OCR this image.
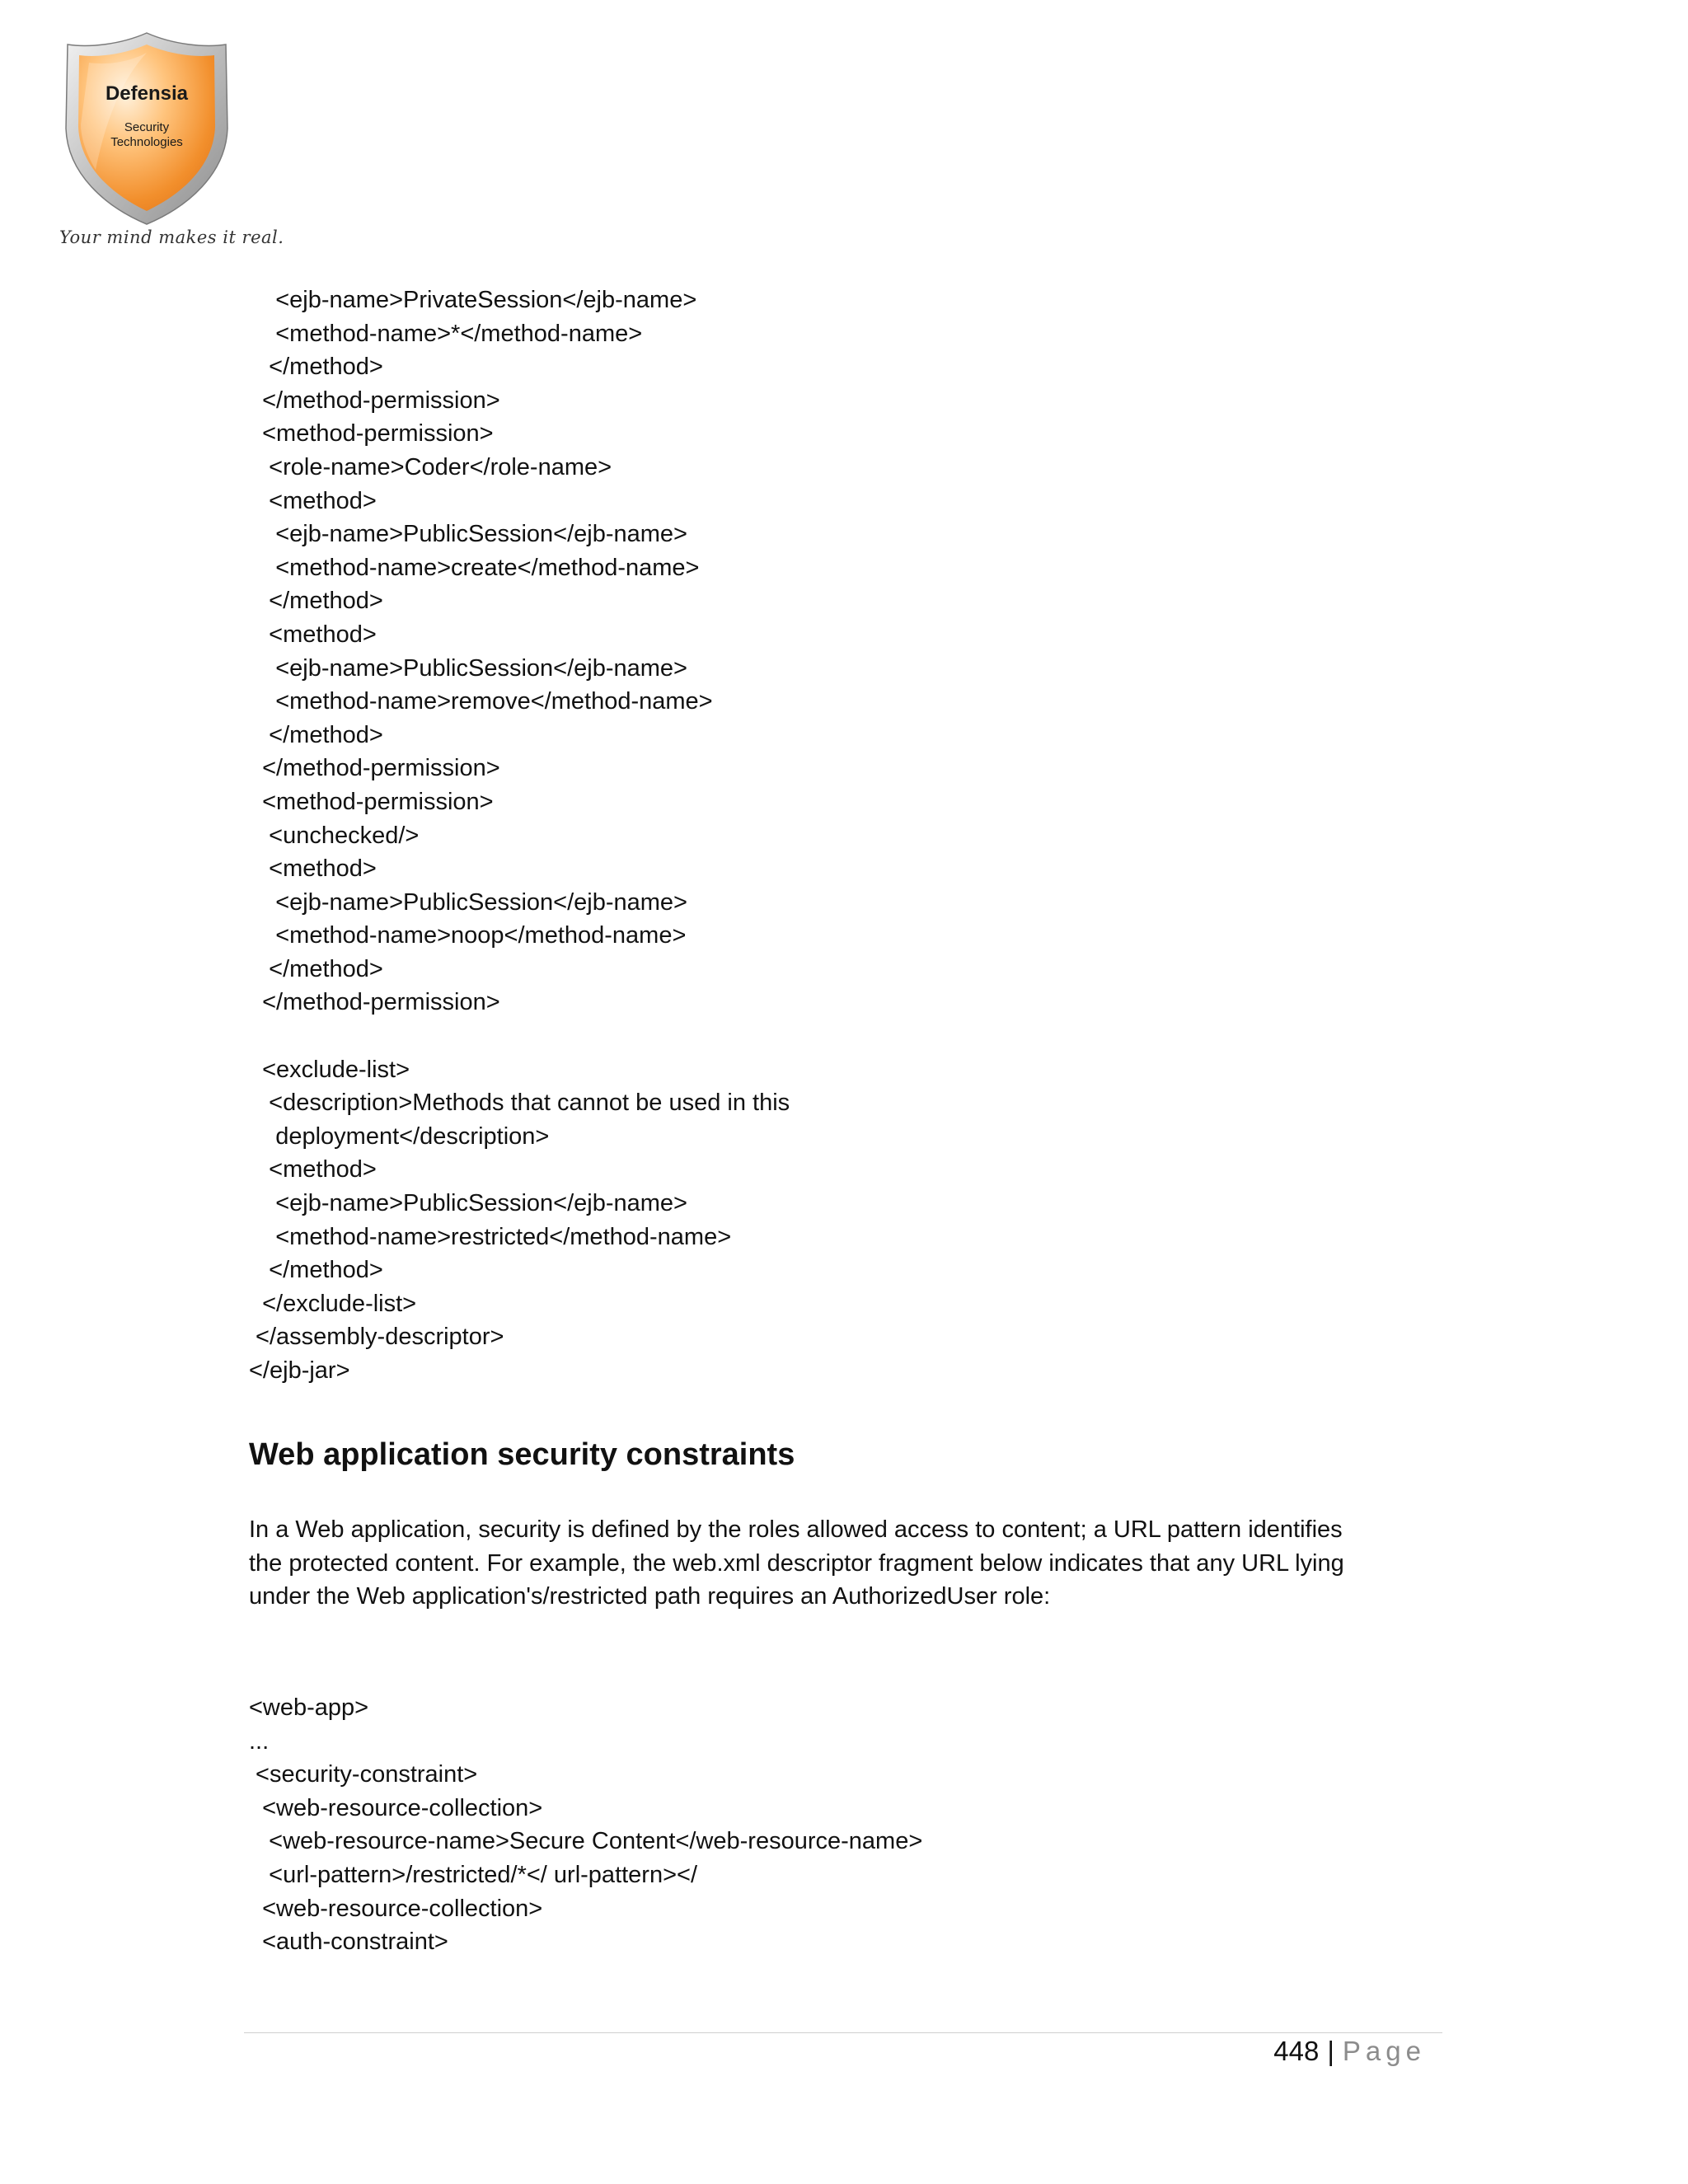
Defensia
Security
Technologies
Your mind makes it real.
<ejb-name>PrivateSession</ejb-name>
<method-name>*</method-name>
</method>
</method-permission>
<method-permission>
<role-name>Coder</role-name>
<method>
<ejb-name>PublicSession</ejb-name>
<method-name>create</method-name>
</method>
<method>
<ejb-name>PublicSession</ejb-name>
<method-name>remove</method-name>
</method>
</method-permission>
<method-permission>
<unchecked/>
<method>
<ejb-name>PublicSession</ejb-name>
<method-name>noop</method-name>
</method>
</method-permission>
<exclude-list>
<description>Methods that cannot be used in this
deployment</description>
<method>
<ejb-name>PublicSession</ejb-name>
<method-name>restricted</method-name>
</method>
</exclude-list>
</assembly-descriptor>
</ejb-jar>
Web application security constraints
In a Web application, security is defined by the roles allowed access to content; a URL pattern identifies
the protected content. For example, the web.xml descriptor fragment below indicates that any URL lying
under the Web application's/restricted path requires an AuthorizedUser role:
<web-app>
...
<security-constraint>
<web-resource-collection>
<web-resource-name>Secure Content</web-resource-name>
<url-pattern>/restricted/*</ url-pattern></
<web-resource-collection>
<auth-constraint>
448 | Page
